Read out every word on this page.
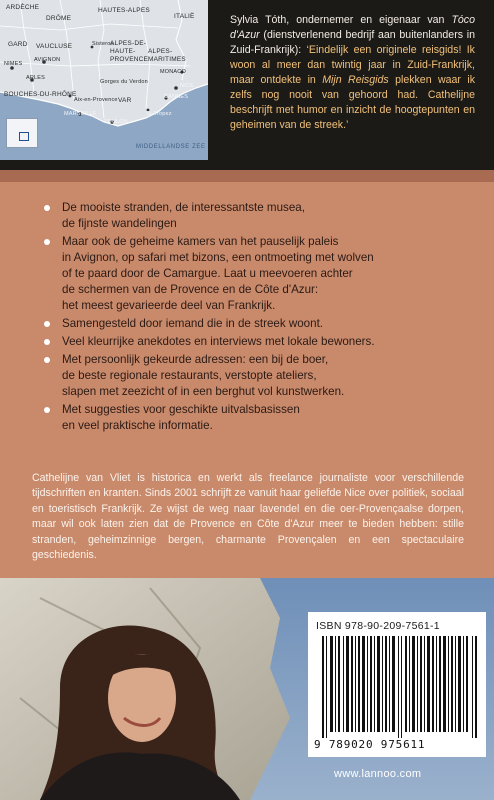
ARDÈCHE
DRÔME
HAUTES-ALPES
ITALIË
GARD VAUCLUSE	ALPES-DE-HAUTE-PROVENCE
ALPES-MARITIMES
BOUCHES-DU-RHÔNE
VAR
NIMES
AVIGNON
ARLES
Sisteron
Gorges du Verdon
MONACO
NICE
CANNES
Aix-en-Provence
MARSEILLE
TOULON
St-Tropez
MIDDELLANDSE ZEE
Sylvia Tóth, ondernemer en eigenaar van Tóco d'Azur (dienstverlenend bedrijf aan buitenlanders in Zuid-Frankrijk): ‘Eindelijk een originele reisgids! Ik woon al meer dan twintig jaar in Zuid-Frankrijk, maar ontdekte in Mijn Reisgids plekken waar ik zelfs nog nooit van gehoord had. Cathelijne beschrijft met humor en inzicht de hoogtepunten en geheimen van de streek.’
De mooiste stranden, de interessantste musea,
de fijnste wandelingen
Maar ook de geheime kamers van het pauselijk paleis
in Avignon, op safari met bizons, een ontmoeting met wolven
of te paard door de Camargue. Laat u meevoeren achter
de schermen van de Provence en de Côte d'Azur:
het meest gevarieerde deel van Frankrijk.
Samengesteld door iemand die in de streek woont.
Veel kleurrijke anekdotes en interviews met lokale bewoners.
Met persoonlijk gekeurde adressen: een bij de boer,
de beste regionale restaurants, verstopte ateliers,
slapen met zeezicht of in een berghut vol kunstwerken.
Met suggesties voor geschikte uitvalsbasissen
en veel praktische informatie.

Cathelijne van Vliet is historica en werkt als freelance journaliste voor verschillende tijdschriften en kranten. Sinds 2001 schrijft ze vanuit haar geliefde Nice over politiek, sociaal en toeristisch Frankrijk. Ze wijst de weg naar lavendel en die oer-Provençaalse dorpen, maar wil ook laten zien dat de Provence en Côte d'Azur meer te bieden hebben: stille stranden, geheimzinnige bergen, charmante Provençalen en een spectaculaire geschiedenis.

ISBN 978-90-209-7561-1
9 789020 975611
www.lannoo.com
